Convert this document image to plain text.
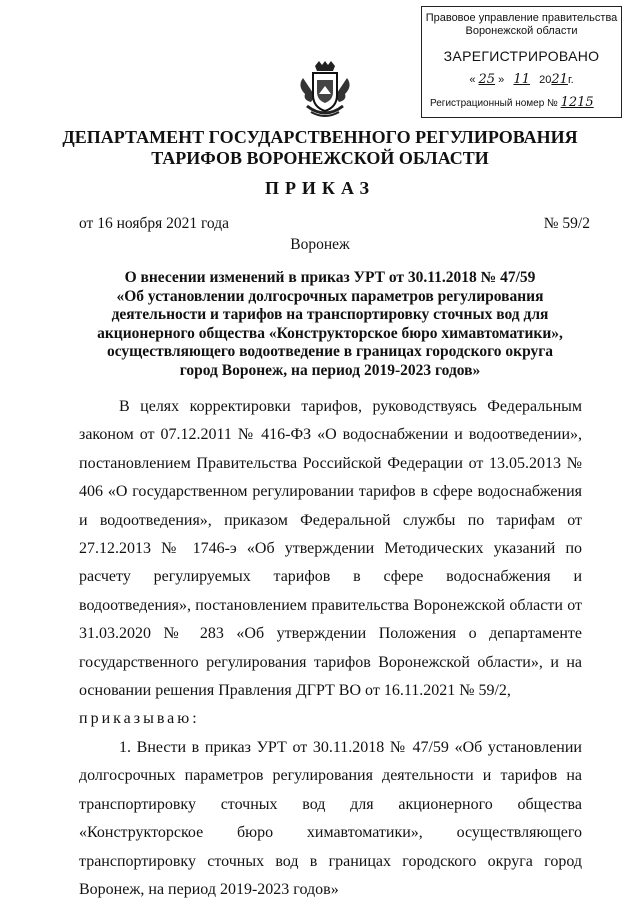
Правовое управление правительства
Воронежской области
ЗАРЕГИСТРИРОВАНО
« 25 » 11 2021г.
Регистрационный номер № 1215
ДЕПАРТАМЕНТ ГОСУДАРСТВЕННОГО РЕГУЛИРОВАНИЯ
ТАРИФОВ ВОРОНЕЖСКОЙ ОБЛАСТИ
ПРИКАЗ
от 16 ноября 2021 года	№ 59/2
Воронеж
О внесении изменений в приказ УРТ от 30.11.2018 № 47/59
«Об установлении долгосрочных параметров регулирования
деятельности и тарифов на транспортировку сточных вод для
акционерного общества «Конструкторское бюро химавтоматики»,
осуществляющего водоотведение в границах городского округа
город Воронеж, на период 2019-2023 годов»

В целях корректировки тарифов, руководствуясь Федеральным законом от 07.12.2011 № 416-ФЗ «О водоснабжении и водоотведении», постановлением Правительства Российской Федерации от 13.05.2013 № 406 «О государственном регулировании тарифов в сфере водоснабжения и водоотведения», приказом Федеральной службы по тарифам от 27.12.2013 № 1746-э «Об утверждении Методических указаний по расчету регулируемых тарифов в сфере водоснабжения и водоотведения», постановлением правительства Воронежской области от 31.03.2020 № 283 «Об утверждении Положения о департаменте государственного регулирования тарифов Воронежской области», и на основании решения Правления ДГРТ ВО от 16.11.2021 № 59/2,

приказываю:

1. Внести в приказ УРТ от 30.11.2018 № 47/59 «Об установлении долгосрочных параметров регулирования деятельности и тарифов на транспортировку сточных вод для акционерного общества «Конструкторское бюро химавтоматики», осуществляющего транспортировку сточных вод в границах городского округа город Воронеж, на период 2019-2023 годов»
